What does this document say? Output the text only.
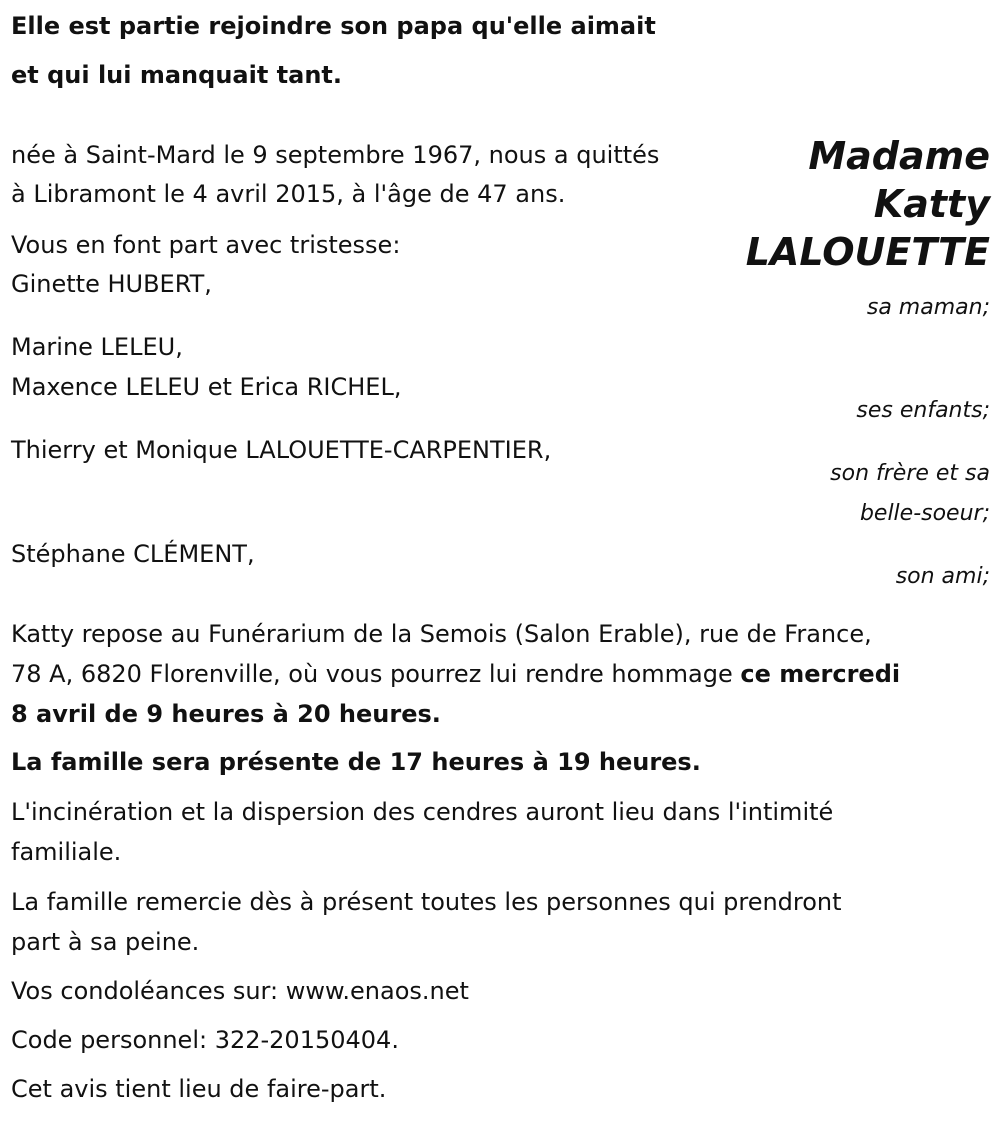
Elle est partie rejoindre son papa qu'elle aimait
et qui lui manquait tant.
Madame
Katty
LALOUETTE
née à Saint-Mard le 9 septembre 1967, nous a quittés
à Libramont le 4 avril 2015, à l'âge de 47 ans.
Vous en font part avec tristesse:
Ginette HUBERT,
sa maman;
Marine LELEU,
Maxence LELEU et Erica RICHEL,
ses enfants;
Thierry et Monique LALOUETTE-CARPENTIER,
son frère et sa
belle-soeur;
Stéphane CLÉMENT,
son ami;
Katty repose au Funérarium de la Semois (Salon Erable), rue de France,
78 A, 6820 Florenville, où vous pourrez lui rendre hommage ce mercredi
8 avril de 9 heures à 20 heures.
La famille sera présente de 17 heures à 19 heures.
L'incinération et la dispersion des cendres auront lieu dans l'intimité
familiale.
La famille remercie dès à présent toutes les personnes qui prendront
part à sa peine.
Vos condoléances sur: www.enaos.net
Code personnel: 322-20150404.
Cet avis tient lieu de faire-part.
